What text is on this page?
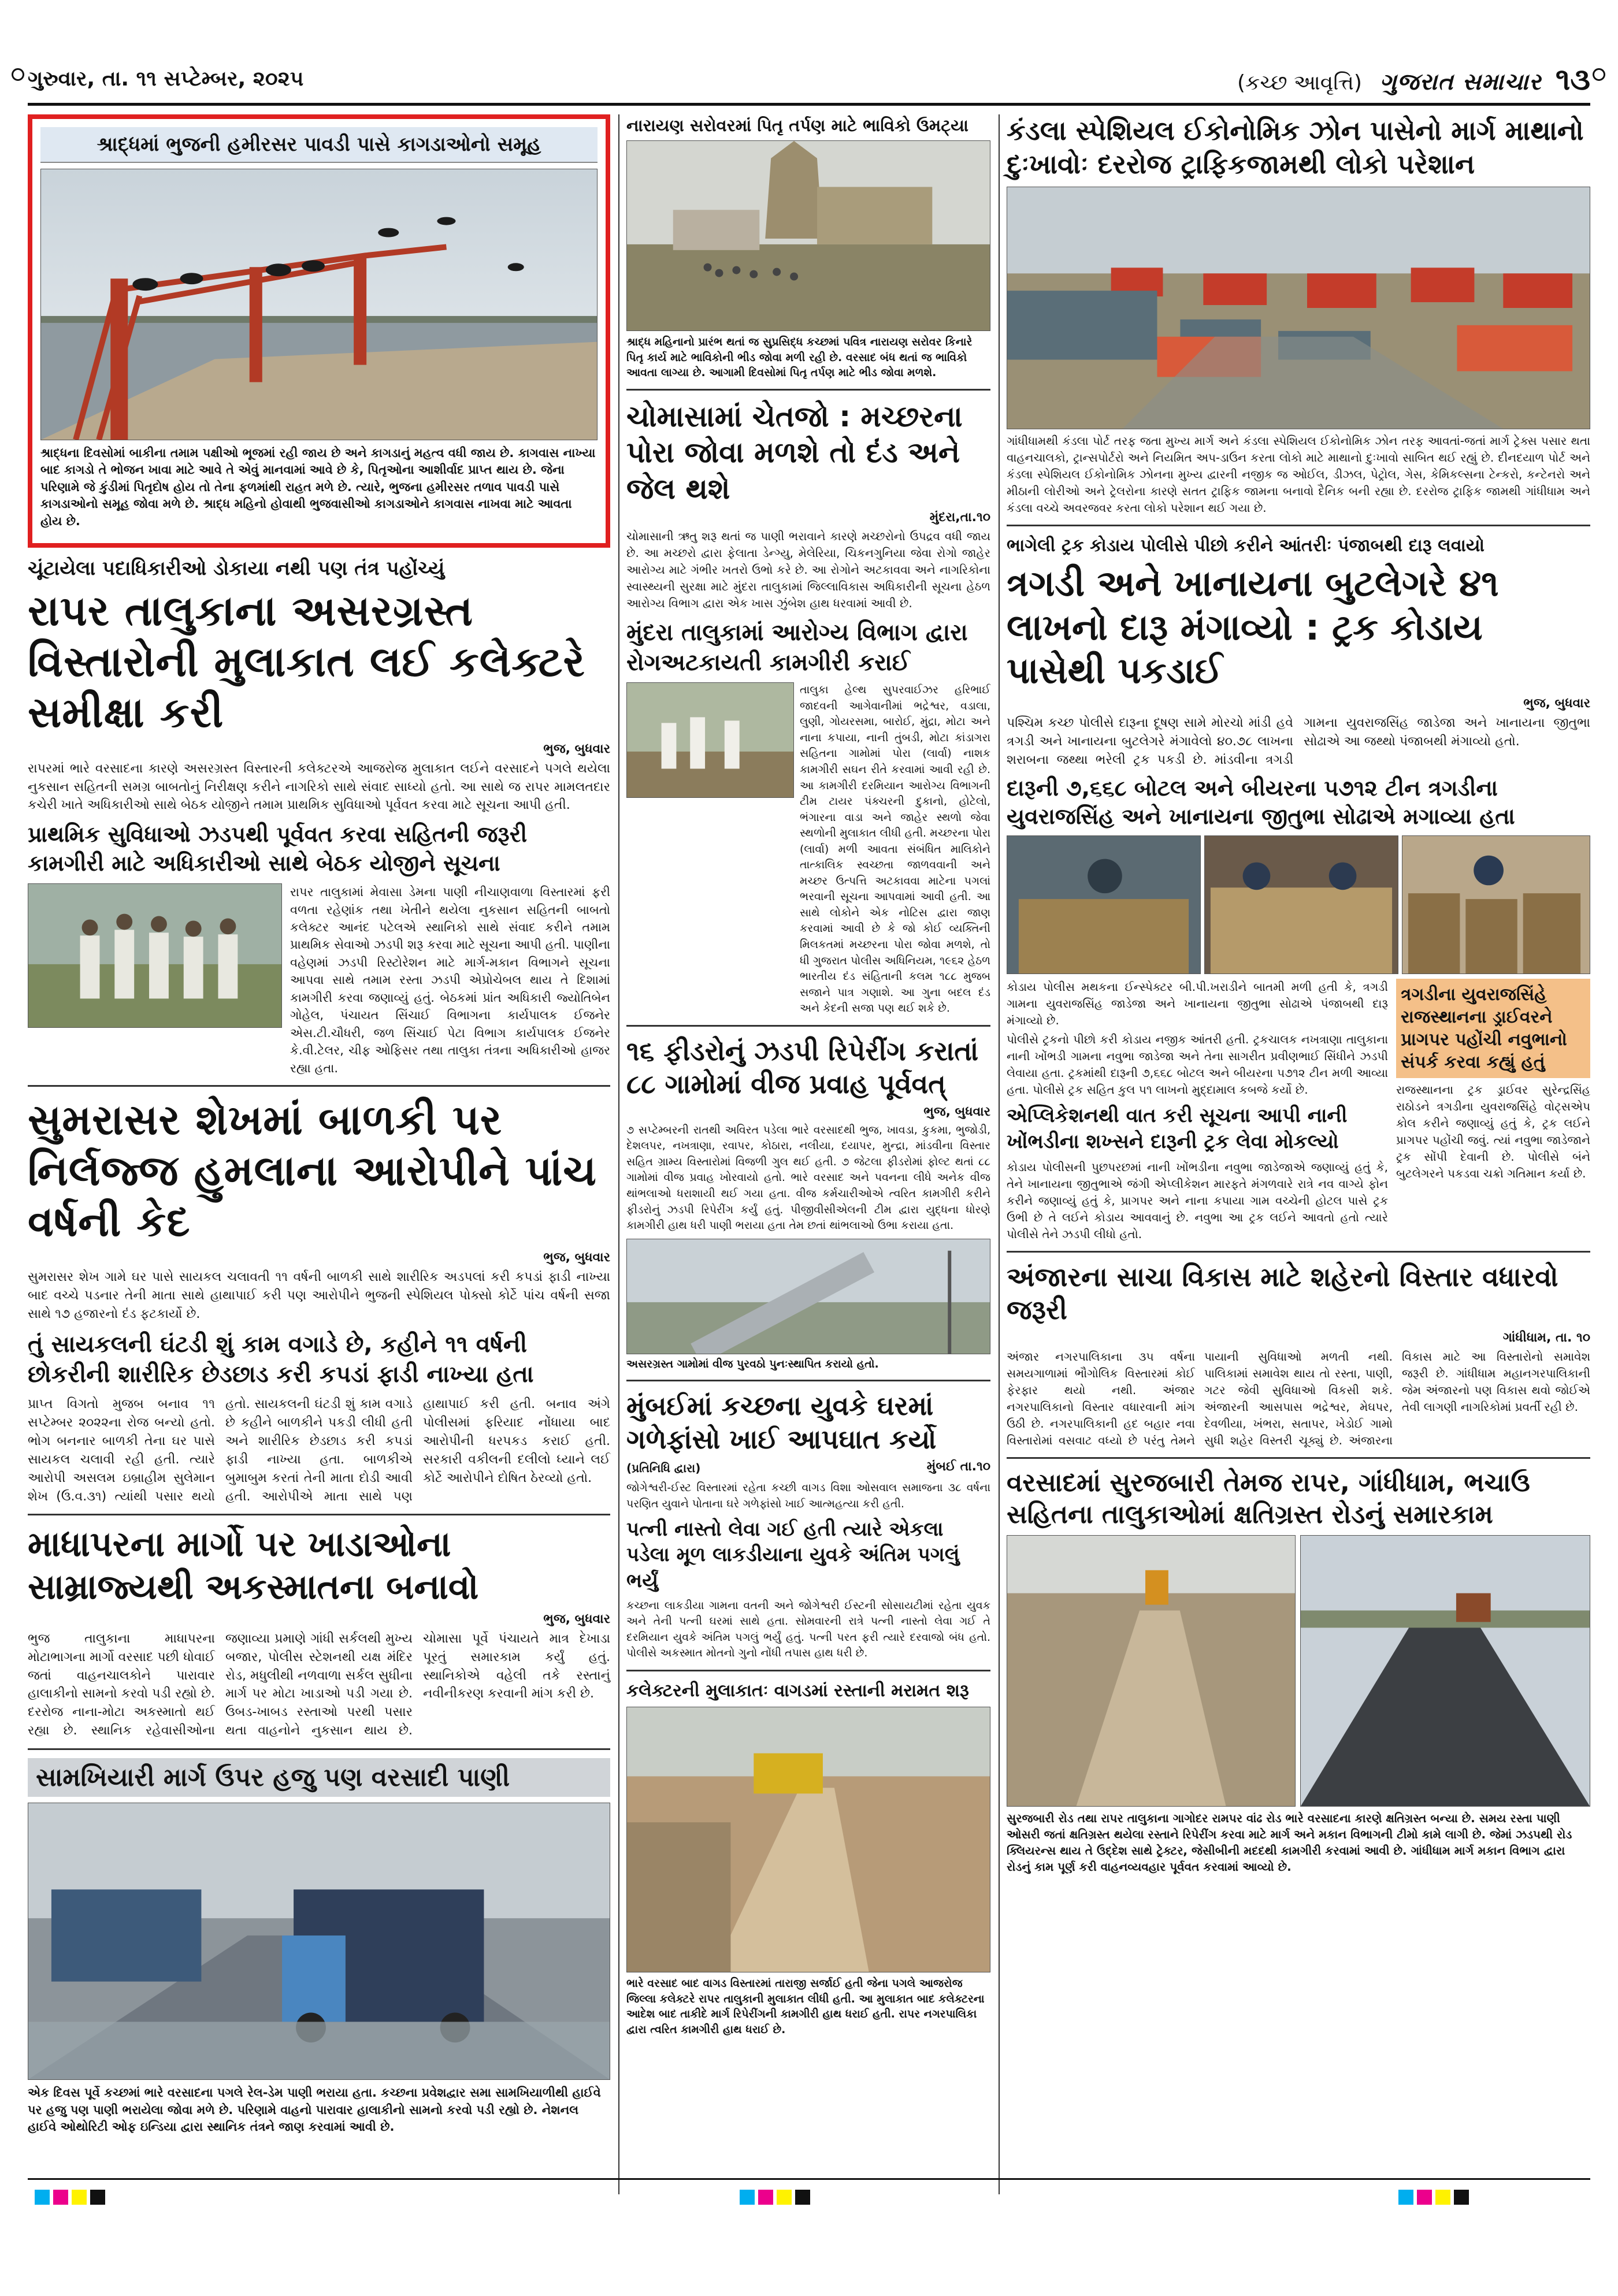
ગુરુવાર, તા. ૧૧ સપ્ટેમ્બર, ૨૦૨૫	(કચ્છ આવૃત્તિ) ગુજરાત સમાચાર ૧૩
શ્રાદ્ધમાં ભુજની હમીરસર પાવડી પાસે કાગડાઓનો સમૂહ
શ્રાદ્ધના દિવસોમાં બાકીના તમામ પક્ષીઓ ભૂજમાં રહી જાય છે અને કાગડાનું મહત્વ વધી જાય છે. કાગવાસ નાખ્યા બાદ કાગડો તે ભોજન ખાવા માટે આવે તે એવું માનવામાં આવે છે કે, પિતૃઓના આશીર્વાદ પ્રાપ્ત થાય છે. જેના પરિણામે જે કુંડીમાં પિતૃદોષ હોય તો તેના ફળમાંથી રાહત મળે છે. ત્યારે, ભુજના હમીરસર તળાવ પાવડી પાસે કાગડાઓનો સમૂહ જોવા મળે છે. શ્રાદ્ધ મહિનો હોવાથી ભુજવાસીઓ કાગડાઓને કાગવાસ નાખવા માટે આવતા હોય છે.
ચૂંટાયેલા પદાધિકારીઓ ડોકાયા નથી પણ તંત્ર પહોંચ્યું
રાપર તાલુકાના અસરગ્રસ્ત વિસ્તારોની મુલાકાત લઈ કલેક્ટરે સમીક્ષા કરી
ભુજ, બુધવાર
રાપરમાં ભારે વરસાદના કારણે અસરગ્રસ્ત વિસ્તારની કલેક્ટરએ આજરોજ મુલાકાત લઈને વરસાદને પગલે થયેલા નુકસાન સહિતની સમગ્ર બાબતોનું નિરીક્ષણ કરીને નાગરિકો સાથે સંવાદ સાધ્યો હતો. આ સાથે જ રાપર મામલતદાર કચેરી ખાતે અધિકારીઓ સાથે બેઠક યોજીને તમામ પ્રાથમિક સુવિધાઓ પૂર્વવત કરવા માટે સૂચના આપી હતી.
પ્રાથમિક સુવિધાઓ ઝડપથી પૂર્વવત કરવા સહિતની જરૂરી કામગીરી માટે અધિકારીઓ સાથે બેઠક યોજીને સૂચના
રાપર તાલુકામાં મેવાસા ડેમના પાણી નીચાણવાળા વિસ્તારમાં ફરી વળતા રહેણાંક તથા ખેતીને થયેલા નુકસાન સહિતની બાબતો કલેક્ટર આનંદ પટેલએ સ્થાનિકો સાથે સંવાદ કરીને તમામ પ્રાથમિક સેવાઓ ઝડપી શરૂ કરવા માટે સૂચના આપી હતી. પાણીના વહેણમાં ઝડપી રિસ્ટોરેશન માટે માર્ગ-મકાન વિભાગને સૂચના આપવા સાથે તમામ રસ્તા ઝડપી એપ્રોચેબલ થાય તે દિશામાં કામગીરી કરવા જણાવ્યું હતું. બેઠકમાં પ્રાંત અધિકારી જ્યોતિબેન ગોહેલ, પંચાયત સિંચાઈ વિભાગના કાર્યપાલક ઈજનેર એસ.ટી.ચૌધરી, જળ સિંચાઈ પેટા વિભાગ કાર્યપાલક ઈજનેર કે.વી.ટેલર, ચીફ ઓફિસર તથા તાલુકા તંત્રના અધિકારીઓ હાજર રહ્યા હતા.
સુમરાસર શેખમાં બાળકી પર નિર્લજ્જ હુમલાના આરોપીને પાંચ વર્ષની કેદ
ભુજ, બુધવાર
સુમરાસર શેખ ગામે ઘર પાસે સાયકલ ચલાવતી ૧૧ વર્ષની બાળકી સાથે શારીરિક અડપલાં કરી કપડાં ફાડી નાખ્યા બાદ વચ્ચે પડનાર તેની માતા સાથે હાથાપાઈ કરી પણ આરોપીને ભુજની સ્પેશિયલ પોક્સો કોર્ટે પાંચ વર્ષની સજા સાથે ૧૭ હજારનો દંડ ફટકાર્યો છે.
તું સાયકલની ઘંટડી શું કામ વગાડે છે, કહીને ૧૧ વર્ષની છોકરીની શારીરિક છેડછાડ કરી કપડાં ફાડી નાખ્યા હતા
પ્રાપ્ત વિગતો મુજબ બનાવ ૧૧ સપ્ટેમ્બર ૨૦૨૨ના રોજ બન્યો હતો. ભોગ બનનાર બાળકી તેના ઘર પાસે સાયકલ ચલાવી રહી હતી. ત્યારે આરોપી અસલમ ઇબ્રાહીમ સુલેમાન શેખ (ઉ.વ.૩૧) ત્યાંથી પસાર થયો હતો. સાયકલની ઘંટડી શું કામ વગાડે છે કહીને બાળકીને પકડી લીધી હતી અને શારીરિક છેડછાડ કરી કપડાં ફાડી નાખ્યા હતા. બાળકીએ બુમાબુમ કરતાં તેની માતા દોડી આવી હતી. આરોપીએ માતા સાથે પણ હાથાપાઈ કરી હતી. બનાવ અંગે પોલીસમાં ફરિયાદ નોંધાયા બાદ આરોપીની ધરપકડ કરાઈ હતી. સરકારી વકીલની દલીલો ધ્યાને લઈ કોર્ટે આરોપીને દોષિત ઠેરવ્યો હતો.
માધાપરના માર્ગો પર ખાડાઓના સામ્રાજ્યથી અકસ્માતના બનાવો
ભુજ, બુધવાર
ભુજ તાલુકાના માધાપરના મોટાભાગના માર્ગો વરસાદ પછી ધોવાઈ જતાં વાહનચાલકોને પારાવાર હાલાકીનો સામનો કરવો પડી રહ્યો છે. દરરોજ નાના-મોટા અકસ્માતો થઈ રહ્યા છે. સ્થાનિક રહેવાસીઓના જણાવ્યા પ્રમાણે ગાંધી સર્કલથી મુખ્ય બજાર, પોલીસ સ્ટેશનથી યક્ષ મંદિર રોડ, મધુલીથી નળવાળા સર્કલ સુધીના માર્ગ પર મોટા ખાડાઓ પડી ગયા છે. ઉબડ-ખાબડ રસ્તાઓ પરથી પસાર થતા વાહનોને નુકસાન થાય છે. ચોમાસા પૂર્વે પંચાયતે માત્ર દેખાડા પૂરતું સમારકામ કર્યું હતું. સ્થાનિકોએ વહેલી તકે રસ્તાનું નવીનીકરણ કરવાની માંગ કરી છે.
સામખિયારી માર્ગ ઉપર હજુ પણ વરસાદી પાણી
એક દિવસ પૂર્વે કચ્છમાં ભારે વરસાદના પગલે રેલ-ડેમ પાણી ભરાયા હતા. કચ્છના પ્રવેશદ્વાર સમા સામખિયાળીથી હાઈવે પર હજુ પણ પાણી ભરાયેલા જોવા મળે છે. પરિણામે વાહનો પારાવાર હાલાકીનો સામનો કરવો પડી રહ્યો છે. નેશનલ હાઈવે ઓથોરિટી ઓફ ઇન્ડિયા દ્વારા સ્થાનિક તંત્રને જાણ કરવામાં આવી છે.
નારાયણ સરોવરમાં પિતૃ તર્પણ માટે ભાવિકો ઉમટ્યા
શ્રાદ્ધ મહિનાનો પ્રારંભ થતાં જ સુપ્રસિદ્ધ કચ્છમાં પવિત્ર નારાયણ સરોવર કિનારે પિતૃ કાર્ય માટે ભાવિકોની ભીડ જોવા મળી રહી છે. વરસાદ બંધ થતાં જ ભાવિકો આવતા લાગ્યા છે. આગામી દિવસોમાં પિતૃ તર્પણ માટે ભીડ જોવા મળશે.
ચોમાસામાં ચેતજો : મચ્છરના પોરા જોવા મળશે તો દંડ અને જેલ થશે
મુંદરા,તા.૧૦
ચોમાસાની ઋતુ શરૂ થતાં જ પાણી ભરાવાને કારણે મચ્છરોનો ઉપદ્રવ વધી જાય છે. આ મચ્છરો દ્વારા ફેલાતા ડેન્ગ્યુ, મેલેરિયા, ચિકનગુનિયા જેવા રોગો જાહેર આરોગ્ય માટે ગંભીર ખતરો ઉભો કરે છે. આ રોગોને અટકાવવા અને નાગરિકોના સ્વાસ્થ્યની સુરક્ષા માટે મુંદરા તાલુકામાં જિલ્લાવિકાસ અધિકારીની સૂચના હેઠળ આરોગ્ય વિભાગ દ્વારા એક ખાસ ઝુંબેશ હાથ ધરવામાં આવી છે.
મુંદરા તાલુકામાં આરોગ્ય વિભાગ દ્વારા રોગઅટકાયતી કામગીરી કરાઈ
તાલુકા હેલ્થ સુપરવાઈઝર હરિભાઈ જાદવની આગેવાનીમાં ભદ્રેશ્વર, વડાલા, લુણી, ગોયરસમા, બારોઈ, મુંદ્રા, મોટા અને નાના કપાયા, નાની તુંબડી, મોટા કાંડાગરા સહિતના ગામોમાં પોરા (લાર્વા) નાશક કામગીરી સઘન રીતે કરવામાં આવી રહી છે. આ કામગીરી દરમિયાન આરોગ્ય વિભાગની ટીમ ટાયર પંક્ચરની દુકાનો, હોટેલો, ભંગારના વાડા અને જાહેર સ્થળો જેવા સ્થળોની મુલાકાત લીધી હતી. મચ્છરના પોરા (લાર્વા) મળી આવતા સંબંધિત માલિકોને તાત્કાલિક સ્વચ્છતા જાળવવાની અને મચ્છર ઉત્પત્તિ અટકાવવા માટેના પગલાં ભરવાની સૂચના આપવામાં આવી હતી. આ સાથે લોકોને એક નોટિસ દ્વારા જાણ કરવામાં આવી છે કે જો કોઈ વ્યક્તિની મિલકતમાં મચ્છરના પોરા જોવા મળશે, તો ધી ગુજરાત પોલીસ અધિનિયમ, ૧૯૬૨ હેઠળ ભારતીય દંડ સંહિતાની કલમ ૧૮૮ મુજબ સજાને પાત્ર ગણાશે. આ ગુના બદલ દંડ અને કેદની સજા પણ થઈ શકે છે.
૧૬ ફીડરોનું ઝડપી રિપેરીંગ કરાતાં ૮૮ ગામોમાં વીજ પ્રવાહ પૂર્વવત્
ભુજ, બુધવાર
૭ સપ્ટેમ્બરની રાતથી અવિરત પડેલા ભારે વરસાદથી ભુજ, ખાવડા, કુકમા, ભુજોડી, દેશલપર, નખત્રાણા, રવાપર, કોઠારા, નલીયા, દયાપર, મુન્દ્રા, માંડવીના વિસ્તાર સહિત ગ્રામ્ય વિસ્તારોમાં વિજળી ગુલ થઈ હતી. ૭ જેટલા ફીડરોમાં ફોલ્ટ થતાં ૮૮ ગામોમાં વીજ પ્રવાહ ખોરવાયો હતો. ભારે વરસાદ અને પવનના લીધે અનેક વીજ થાંભલાઓ ધરાશાયી થઈ ગયા હતા. વીજ કર્મચારીઓએ ત્વરિત કામગીરી કરીને ફીડરોનું ઝડપી રિપેરીંગ કર્યું હતું. પીજીવીસીએલની ટીમ દ્વારા યુદ્ધના ધોરણે કામગીરી હાથ ધરી પાણી ભરાયા હતા તેમ છતાં થાંભલાઓ ઉભા કરાયા હતા.
અસરગ્રસ્ત ગામોમાં વીજ પુરવઠો પુનઃસ્થાપિત કરાયો હતો.
મુંબઈમાં કચ્છના યુવકે ઘરમાં ગળેફાંસો ખાઈ આપઘાત કર્યો
(પ્રતિનિધિ દ્વારા)	મુંબઈ તા.૧૦
જોગેશ્વરી-ઈસ્ટ વિસ્તારમાં રહેતા કચ્છી વાગડ વિશા ઓસવાલ સમાજના ૩૮ વર્ષના પરણિત યુવાને પોતાના ઘરે ગળેફાંસો ખાઈ આત્મહત્યા કરી હતી.
પત્ની નાસ્તો લેવા ગઈ હતી ત્યારે એકલા પડેલા મૂળ લાકડીયાના યુવકે અંતિમ પગલું ભર્યું
કચ્છના લાકડીયા ગામના વતની અને જોગેશ્વરી ઈસ્ટની સોસાયટીમાં રહેતા યુવક અને તેની પત્ની ઘરમાં સાથે હતા. સોમવારની રાત્રે પત્ની નાસ્તો લેવા ગઈ તે દરમિયાન યુવકે અંતિમ પગલું ભર્યું હતું. પત્ની પરત ફરી ત્યારે દરવાજો બંધ હતો. પોલીસે અકસ્માત મોતનો ગુનો નોંધી તપાસ હાથ ધરી છે.
કલેક્ટરની મુલાકાતઃ વાગડમાં રસ્તાની મરામત શરૂ
ભારે વરસાદ બાદ વાગડ વિસ્તારમાં તારાજી સર્જાઈ હતી જેના પગલે આજરોજ જિલ્લા કલેક્ટરે રાપર તાલુકાની મુલાકાત લીધી હતી. આ મુલાકાત બાદ કલેક્ટરના આદેશ બાદ તાકીદે માર્ગ રિપેરીંગની કામગીરી હાથ ધરાઈ હતી. રાપર નગરપાલિકા દ્વારા ત્વરિત કામગીરી હાથ ધરાઈ છે.
કંડલા સ્પેશિયલ ઈકોનોમિક ઝોન પાસેનો માર્ગ માથાનો દુઃખાવોઃ દરરોજ ટ્રાફિકજામથી લોકો પરેશાન
ગાંધીધામથી કંડલા પોર્ટ તરફ જતા મુખ્ય માર્ગ અને કંડલા સ્પેશિયલ ઈકોનોમિક ઝોન તરફ આવતાં-જતાં માર્ગ ટ્રેક્સ પસાર થતા વાહનચાલકો, ટ્રાન્સપોર્ટરો અને નિયમિત અપ-ડાઉન કરતા લોકો માટે માથાનો દુઃખાવો સાબિત થઈ રહ્યું છે. દીનદયાળ પોર્ટ અને કંડલા સ્પેશિયલ ઈકોનોમિક ઝોનના મુખ્ય દ્વારની નજીક જ ઓઈલ, ડીઝલ, પેટ્રોલ, ગેસ, કેમિકલ્સના ટેન્કરો, કન્ટેનરો અને મીઠાની લોરીઓ અને ટ્રેલરોના કારણે સતત ટ્રાફિક જામના બનાવો દૈનિક બની રહ્યા છે. દરરોજ ટ્રાફિક જામથી ગાંધીધામ અને કંડલા વચ્ચે અવરજવર કરતા લોકો પરેશાન થઈ ગયા છે.
ભાગેલી ટ્રક કોડાય પોલીસે પીછો કરીને આંતરીઃ પંજાબથી દારૂ લવાયો
ત્રગડી અને ખાનાયના બુટલેગરે ૪૧ લાખનો દારૂ મંગાવ્યો : ટ્રક કોડાય પાસેથી પકડાઈ
ભુજ, બુધવાર
પશ્ચિમ કચ્છ પોલીસે દારૂના દૂષણ સામે મોરચો માંડી હવે ત્રગડી અને ખાનાયના બુટલેગરે મંગાવેલો ૪૦.૭૮ લાખના શરાબના જથ્થા ભરેલી ટ્રક પકડી છે. માંડવીના ત્રગડી ગામના યુવરાજસિંહ જાડેજા અને ખાનાયના જીતુભા સોઢાએ આ જથ્થો પંજાબથી મંગાવ્યો હતો.
દારૂની ૭,૬૬૮ બોટલ અને બીયરના ૫૭૧૨ ટીન ત્રગડીના યુવરાજસિંહ અને ખાનાયના જીતુભા સોઢાએ મગાવ્યા હતા
કોડાય પોલીસ મથકના ઈન્સ્પેક્ટર બી.પી.ખરાડીને બાતમી મળી હતી કે, ત્રગડી ગામના યુવરાજસિંહ જાડેજા અને ખાનાયના જીતુભા સોઢાએ પંજાબથી દારૂ મંગાવ્યો છે.
પોલીસે ટ્રકનો પીછો કરી કોડાય નજીક આંતરી હતી. ટ્રકચાલક નખત્રાણા તાલુકાના નાની ખોંભડી ગામના નવુભા જાડેજા અને તેના સાગરીત પ્રવીણભાઈ સિંધીને ઝડપી લેવાયા હતા. ટ્રકમાંથી દારૂની ૭,૬૬૮ બોટલ અને બીયરના ૫૭૧૨ ટીન મળી આવ્યા હતા. પોલીસે ટ્રક સહિત કુલ ૫૧ લાખનો મુદ્દામાલ કબજે કર્યો છે.
એપ્લિકેશનથી વાત કરી સૂચના આપી નાની ખોંભડીના શખ્સને દારૂની ટ્રક લેવા મોકલ્યો
કોડાય પોલીસની પુછપરછમાં નાની ખોંભડીના નવુભા જાડેજાએ જણાવ્યું હતું કે, તેને ખાનાયના જીતુભાએ જંગી એપ્લીકેશન મારફતે મંગળવારે રાત્રે નવ વાગ્યે ફોન કરીને જણાવ્યું હતું કે, પ્રાગપર અને નાના કપાયા ગામ વચ્ચેની હોટલ પાસે ટ્રક ઉભી છે તે લઈને કોડાય આવવાનું છે. નવુભા આ ટ્રક લઈને આવતો હતો ત્યારે પોલીસે તેને ઝડપી લીધો હતો.
ત્રગડીના યુવરાજસિંહે રાજસ્થાનના ડ્રાઈવરને પ્રાગપર પહોંચી નવુભાનો સંપર્ક કરવા કહ્યું હતું
રાજસ્થાનના ટ્રક ડ્રાઈવર સુરેન્દ્રસિંહ રાઠોડને ત્રગડીના યુવરાજસિંહે વોટ્સએપ કોલ કરીને જણાવ્યું હતું કે, ટ્રક લઈને પ્રાગપર પહોંચી જવું. ત્યાં નવુભા જાડેજાને ટ્રક સોંપી દેવાની છે. પોલીસે બંને બુટલેગરને પકડવા ચક્રો ગતિમાન કર્યા છે.
અંજારના સાચા વિકાસ માટે શહેરનો વિસ્તાર વધારવો જરૂરી
ગાંધીધામ, તા. ૧૦
અંજાર નગરપાલિકાના ૩૫ વર્ષના સમયગાળામાં ભૌગોલિક વિસ્તારમાં કોઈ ફેરફાર થયો નથી. અંજાર નગરપાલિકાનો વિસ્તાર વધારવાની માંગ ઉઠી છે. નગરપાલિકાની હદ બહાર નવા વિસ્તારોમાં વસવાટ વધ્યો છે પરંતુ તેમને પાયાની સુવિધાઓ મળતી નથી. પાલિકામાં સમાવેશ થાય તો રસ્તા, પાણી, ગટર જેવી સુવિધાઓ વિકસી શકે. અંજારની આસપાસ ભદ્રેશ્વર, મેઘપર, દેવળીયા, ખંભરા, સતાપર, ખેડોઈ ગામો સુધી શહેર વિસ્તરી ચૂક્યું છે. અંજારના વિકાસ માટે આ વિસ્તારોનો સમાવેશ જરૂરી છે. ગાંધીધામ મહાનગરપાલિકાની જેમ અંજારનો પણ વિકાસ થવો જોઈએ તેવી લાગણી નાગરિકોમાં પ્રવર્તી રહી છે.
વરસાદમાં સુરજબારી તેમજ રાપર, ગાંધીધામ, ભચાઉ સહિતના તાલુકાઓમાં ક્ષતિગ્રસ્ત રોડનું સમારકામ
સુરજબારી રોડ તથા રાપર તાલુકાના ગાગોદર રામપર વાંઢ રોડ ભારે વરસાદના કારણે ક્ષતિગ્રસ્ત બન્યા છે. સમય રસ્તા પાણી ઓસરી જતાં ક્ષતિગ્રસ્ત થયેલા રસ્તાને રિપેરીંગ કરવા માટે માર્ગ અને મકાન વિભાગની ટીમો કામે લાગી છે. જેમાં ઝડપથી રોડ ક્લિયરન્સ થાય તે ઉદ્દેશ સાથે ટ્રેક્ટર, જેસીબીની મદદથી કામગીરી કરવામાં આવી છે. ગાંધીધામ માર્ગ મકાન વિભાગ દ્વારા રોડનું કામ પૂર્ણ કરી વાહનવ્યવહાર પૂર્વવત કરવામાં આવ્યો છે.
